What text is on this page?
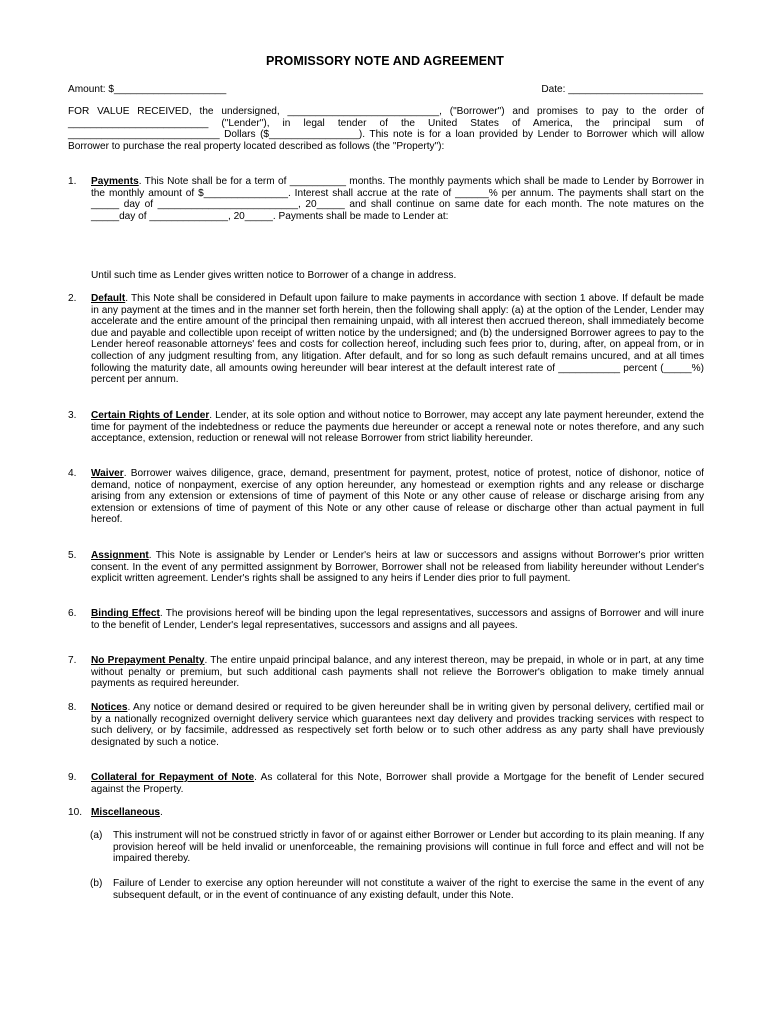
PROMISSORY NOTE AND AGREEMENT
Amount: $____________________	Date: ________________________
FOR VALUE RECEIVED, the undersigned, ___________________________, ("Borrower") and promises to pay to the order of _________________________ ("Lender"), in legal tender of the United States of America, the principal sum of ___________________________ Dollars ($________________). This note is for a loan provided by Lender to Borrower which will allow Borrower to purchase the real property located described as follows (the "Property"):
1. Payments. This Note shall be for a term of __________ months. The monthly payments which shall be made to Lender by Borrower in the monthly amount of $_______________. Interest shall accrue at the rate of ______% per annum. The payments shall start on the _____ day of _________________________, 20_____ and shall continue on same date for each month. The note matures on the _____day of ______________, 20_____. Payments shall be made to Lender at:
Until such time as Lender gives written notice to Borrower of a change in address.
2. Default. This Note shall be considered in Default upon failure to make payments in accordance with section 1 above. If default be made in any payment at the times and in the manner set forth herein, then the following shall apply: (a) at the option of the Lender, Lender may accelerate and the entire amount of the principal then remaining unpaid, with all interest then accrued thereon, shall immediately become due and payable and collectible upon receipt of written notice by the undersigned; and (b) the undersigned Borrower agrees to pay to the Lender hereof reasonable attorneys' fees and costs for collection hereof, including such fees prior to, during, after, on appeal from, or in collection of any judgment resulting from, any litigation. After default, and for so long as such default remains uncured, and at all times following the maturity date, all amounts owing hereunder will bear interest at the default interest rate of ___________ percent (_____%) percent per annum.
3. Certain Rights of Lender. Lender, at its sole option and without notice to Borrower, may accept any late payment hereunder, extend the time for payment of the indebtedness or reduce the payments due hereunder or accept a renewal note or notes therefore, and any such acceptance, extension, reduction or renewal will not release Borrower from strict liability hereunder.
4. Waiver. Borrower waives diligence, grace, demand, presentment for payment, protest, notice of protest, notice of dishonor, notice of demand, notice of nonpayment, exercise of any option hereunder, any homestead or exemption rights and any release or discharge arising from any extension or extensions of time of payment of this Note or any other cause of release or discharge arising from any extension or extensions of time of payment of this Note or any other cause of release or discharge other than actual payment in full hereof.
5. Assignment. This Note is assignable by Lender or Lender's heirs at law or successors and assigns without Borrower's prior written consent. In the event of any permitted assignment by Borrower, Borrower shall not be released from liability hereunder without Lender's explicit written agreement. Lender's rights shall be assigned to any heirs if Lender dies prior to full payment.
6. Binding Effect. The provisions hereof will be binding upon the legal representatives, successors and assigns of Borrower and will inure to the benefit of Lender, Lender's legal representatives, successors and assigns and all payees.
7. No Prepayment Penalty. The entire unpaid principal balance, and any interest thereon, may be prepaid, in whole or in part, at any time without penalty or premium, but such additional cash payments shall not relieve the Borrower's obligation to make timely annual payments as required hereunder.
8. Notices. Any notice or demand desired or required to be given hereunder shall be in writing given by personal delivery, certified mail or by a nationally recognized overnight delivery service which guarantees next day delivery and provides tracking services with respect to such delivery, or by facsimile, addressed as respectively set forth below or to such other address as any party shall have previously designated by such a notice.
9. Collateral for Repayment of Note. As collateral for this Note, Borrower shall provide a Mortgage for the benefit of Lender secured against the Property.
10. Miscellaneous.
(a) This instrument will not be construed strictly in favor of or against either Borrower or Lender but according to its plain meaning. If any provision hereof will be held invalid or unenforceable, the remaining provisions will continue in full force and effect and will not be impaired thereby.
(b) Failure of Lender to exercise any option hereunder will not constitute a waiver of the right to exercise the same in the event of any subsequent default, or in the event of continuance of any existing default, under this Note.
